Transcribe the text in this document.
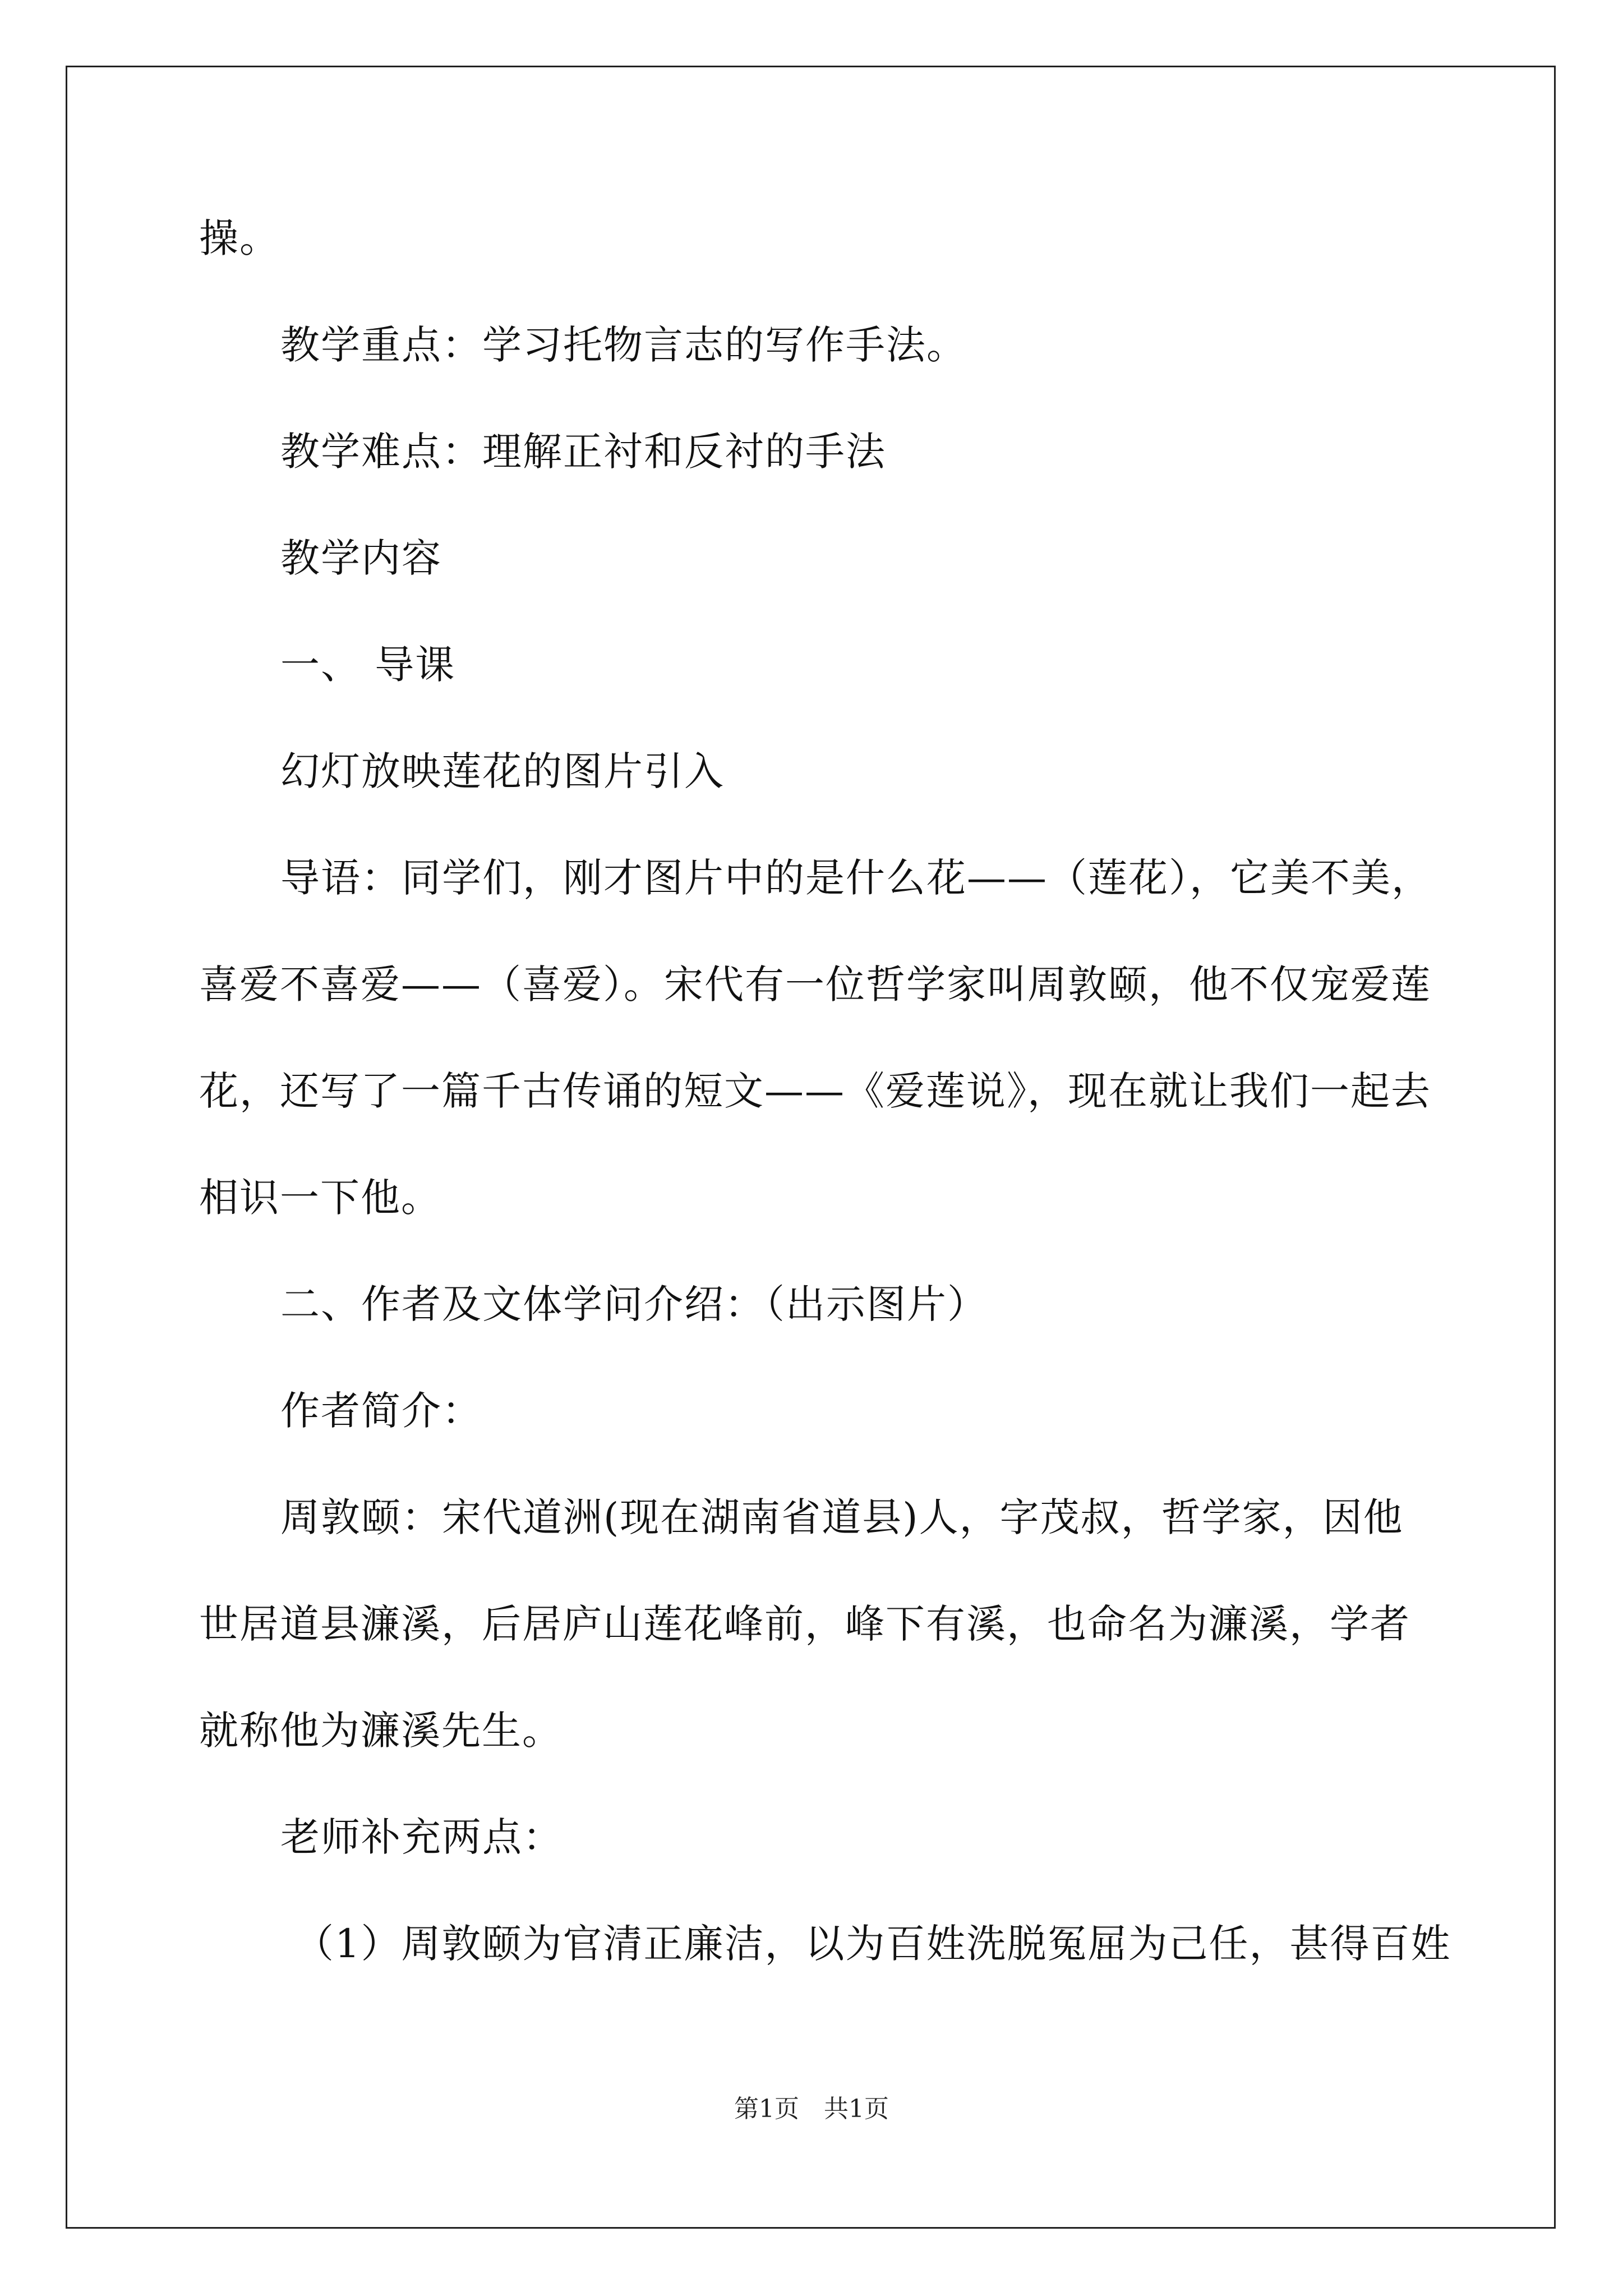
操。
教学重点：学习托物言志的写作手法。
教学难点：理解正衬和反衬的手法
教学内容
一、 导课
幻灯放映莲花的图片引入
导语：同学们，刚才图片中的是什么花——（莲花），它美不美，
喜爱不喜爱——（喜爱）。宋代有一位哲学家叫周敦颐，他不仅宠爱莲
花，还写了一篇千古传诵的短文——《爱莲说》，现在就让我们一起去
相识一下他。
二、作者及文体学问介绍：（出示图片）
作者简介：
周敦颐：宋代道洲(现在湖南省道县)人，字茂叔，哲学家，因他
世居道县濂溪，后居庐山莲花峰前，峰下有溪，也命名为濂溪，学者
就称他为濂溪先生。
老师补充两点：
（1）周敦颐为官清正廉洁，以为百姓洗脱冤屈为己任，甚得百姓
第1页　共1页
